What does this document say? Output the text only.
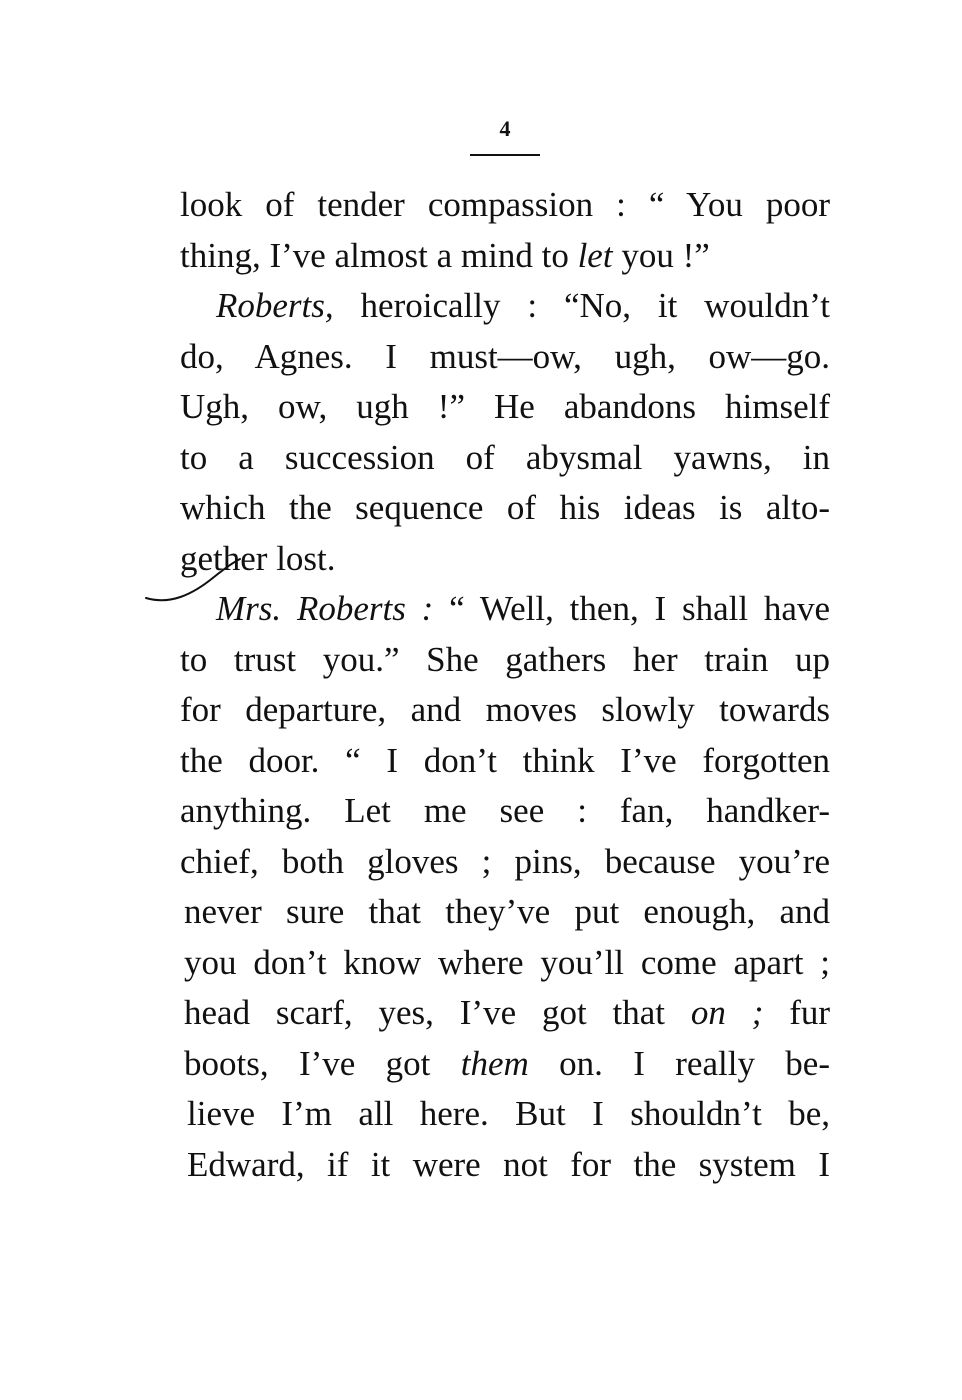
4
look of tender compassion : “ You poor
thing, I’ve almost a mind to let you !”
Roberts, heroically : “No, it wouldn’t
do, Agnes. I must—ow, ugh, ow—go.
Ugh, ow, ugh !” He abandons himself
to a succession of abysmal yawns, in
which the sequence of his ideas is alto-
gether lost.
Mrs. Roberts : “ Well, then, I shall have
to trust you.” She gathers her train up
for departure, and moves slowly towards
the door. “ I don’t think I’ve forgotten
anything. Let me see : fan, handker-
chief, both gloves ; pins, because you’re
never sure that they’ve put enough, and
you don’t know where you’ll come apart ;
head scarf, yes, I’ve got that on ; fur
boots, I’ve got them on. I really be-
lieve I’m all here. But I shouldn’t be,
Edward, if it were not for the system I
